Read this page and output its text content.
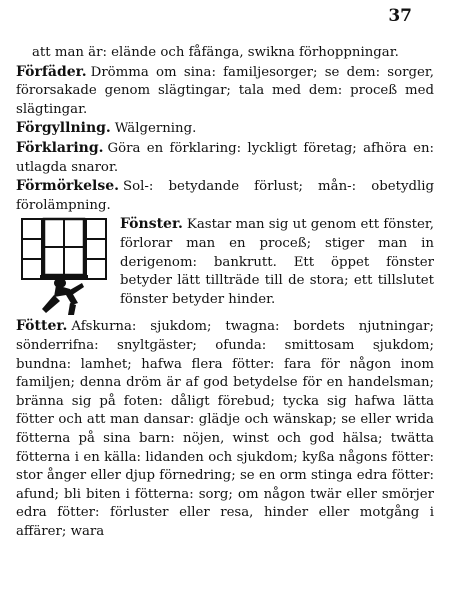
37

att man är: elände och fåfänga, swikna förhoppningar.

Förfäder. Drömma om sina: familjesorger; se dem: sorger, förorsakade genom slägtingar; tala med dem: proceß med slägtingar.

Förgyllning. Wälgerning.

Förklaring. Göra en förklaring: lyckligt företag; afhöra en: utlagda snaror.

Förmörkelse. Sol-: betydande förlust; mån-: obetydlig förolämpning.

Fönster. Kastar man sig ut genom ett fönster, förlorar man en proceß; stiger man in derigenom: bankrutt. Ett öppet fönster betyder lätt tillträde till de stora; ett tillslutet fönster betyder hinder.

Fötter. Afskurna: sjukdom; twagna: bordets njutningar; sönderrifna: snyltgäster; ofunda: smittosam sjukdom; bundna: lamhet; hafwa flera fötter: fara för någon inom familjen; denna dröm är af god betydelse för en handelsman; bränna sig på foten: dåligt förebud; tycka sig hafwa lätta fötter och att man dansar: glädje och wänskap; se eller wrida fötterna på sina barn: nöjen, winst och god hälsa; twätta fötterna i en källa: lidanden och sjukdom; kyßa någons fötter: stor ånger eller djup förnedring; se en orm stinga edra fötter: afund; bli biten i fötterna: sorg; om någon twär eller smörjer edra fötter: förluster eller resa, hinder eller motgång i affärer; wara
